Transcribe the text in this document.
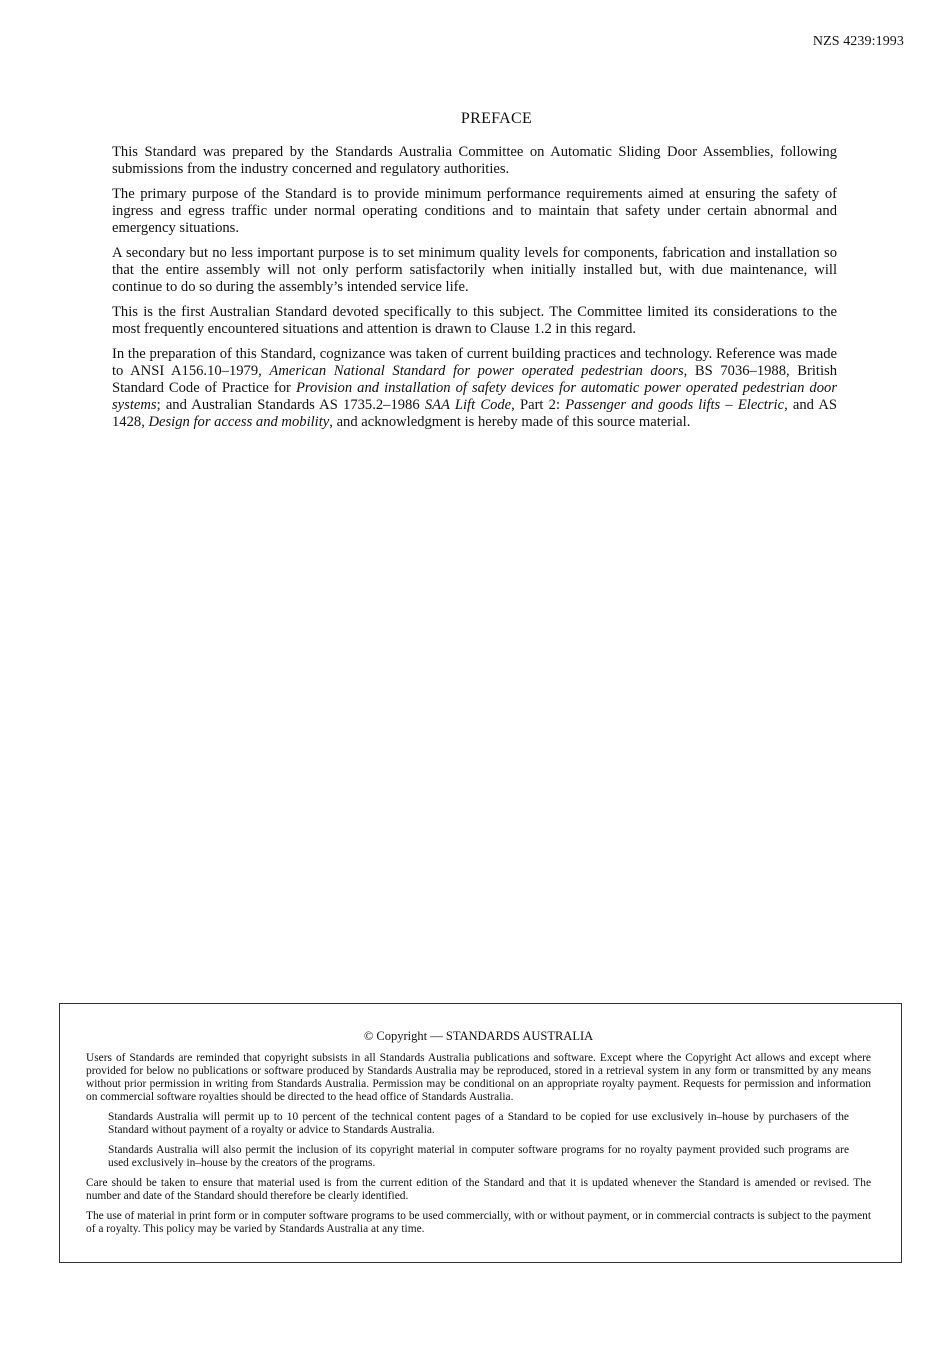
NZS 4239:1993
PREFACE

This Standard was prepared by the Standards Australia Committee on Automatic Sliding Door Assemblies, following submissions from the industry concerned and regulatory authorities.

The primary purpose of the Standard is to provide minimum performance requirements aimed at ensuring the safety of ingress and egress traffic under normal operating conditions and to maintain that safety under certain abnormal and emergency situations.

A secondary but no less important purpose is to set minimum quality levels for components, fabrication and installation so that the entire assembly will not only perform satisfactorily when initially installed but, with due maintenance, will continue to do so during the assembly’s intended service life.

This is the first Australian Standard devoted specifically to this subject. The Committee limited its considerations to the most frequently encountered situations and attention is drawn to Clause 1.2 in this regard.

In the preparation of this Standard, cognizance was taken of current building practices and technology. Reference was made to ANSI A156.10–1979, American National Standard for power operated pedestrian doors, BS 7036–1988, British Standard Code of Practice for Provision and installation of safety devices for automatic power operated pedestrian door systems; and Australian Standards AS 1735.2–1986 SAA Lift Code, Part 2: Passenger and goods lifts – Electric, and AS 1428, Design for access and mobility, and acknowledgment is hereby made of this source material.

© Copyright — STANDARDS AUSTRALIA

Users of Standards are reminded that copyright subsists in all Standards Australia publications and software. Except where the Copyright Act allows and except where provided for below no publications or software produced by Standards Australia may be reproduced, stored in a retrieval system in any form or transmitted by any means without prior permission in writing from Standards Australia. Permission may be conditional on an appropriate royalty payment. Requests for permission and information on commercial software royalties should be directed to the head office of Standards Australia.

Standards Australia will permit up to 10 percent of the technical content pages of a Standard to be copied for use exclusively in–house by purchasers of the Standard without payment of a royalty or advice to Standards Australia.

Standards Australia will also permit the inclusion of its copyright material in computer software programs for no royalty payment provided such programs are used exclusively in–house by the creators of the programs.

Care should be taken to ensure that material used is from the current edition of the Standard and that it is updated whenever the Standard is amended or revised. The number and date of the Standard should therefore be clearly identified.

The use of material in print form or in computer software programs to be used commercially, with or without payment, or in commercial contracts is subject to the payment of a royalty. This policy may be varied by Standards Australia at any time.
